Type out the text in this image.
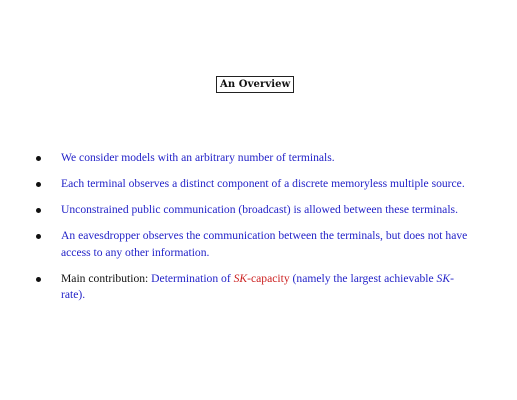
An Overview
We consider models with an arbitrary number of terminals.
Each terminal observes a distinct component of a discrete memoryless multiple source.
Unconstrained public communication (broadcast) is allowed between these terminals.
An eavesdropper observes the communication between the terminals, but does not have access to any other information.
Main contribution: Determination of SK-capacity (namely the largest achievable SK-rate).
